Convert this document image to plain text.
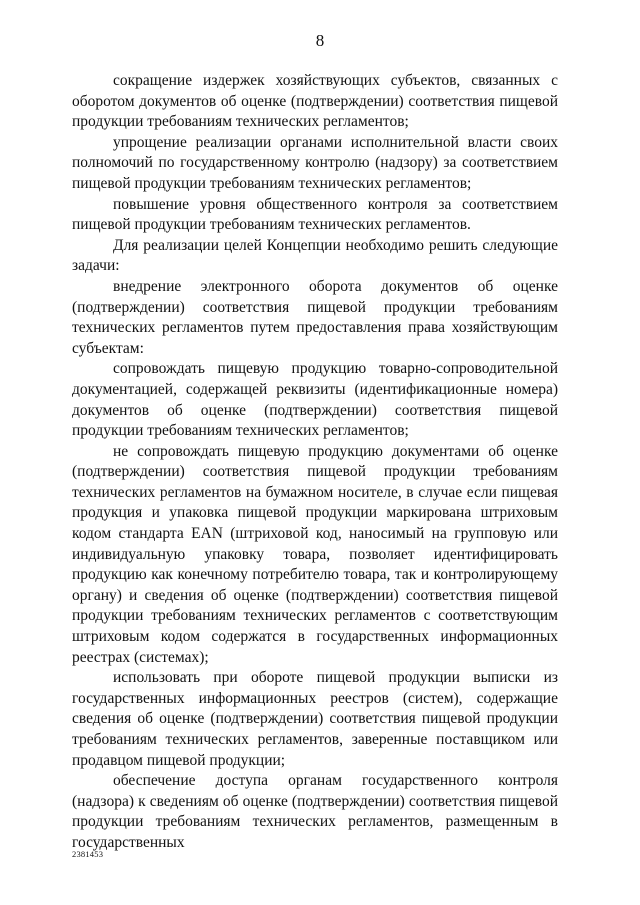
8

сокращение издержек хозяйствующих субъектов, связанных с оборотом документов об оценке (подтверждении) соответствия пищевой продукции требованиям технических регламентов;

упрощение реализации органами исполнительной власти своих полномочий по государственному контролю (надзору) за соответствием пищевой продукции требованиям технических регламентов;

повышение уровня общественного контроля за соответствием пищевой продукции требованиям технических регламентов.

Для реализации целей Концепции необходимо решить следующие задачи:

внедрение электронного оборота документов об оценке (подтверждении) соответствия пищевой продукции требованиям технических регламентов путем предоставления права хозяйствующим субъектам:

сопровождать пищевую продукцию товарно-сопроводительной документацией, содержащей реквизиты (идентификационные номера) документов об оценке (подтверждении) соответствия пищевой продукции требованиям технических регламентов;

не сопровождать пищевую продукцию документами об оценке (подтверждении) соответствия пищевой продукции требованиям технических регламентов на бумажном носителе, в случае если пищевая продукция и упаковка пищевой продукции маркирована штриховым кодом стандарта EAN (штриховой код, наносимый на групповую или индивидуальную упаковку товара, позволяет идентифицировать продукцию как конечному потребителю товара, так и контролирующему органу) и сведения об оценке (подтверждении) соответствия пищевой продукции требованиям технических регламентов с соответствующим штриховым кодом содержатся в государственных информационных реестрах (системах);

использовать при обороте пищевой продукции выписки из государственных информационных реестров (систем), содержащие сведения об оценке (подтверждении) соответствия пищевой продукции требованиям технических регламентов, заверенные поставщиком или продавцом пищевой продукции;

обеспечение доступа органам государственного контроля (надзора) к сведениям об оценке (подтверждении) соответствия пищевой продукции требованиям технических регламентов, размещенным в государственных

2381453
